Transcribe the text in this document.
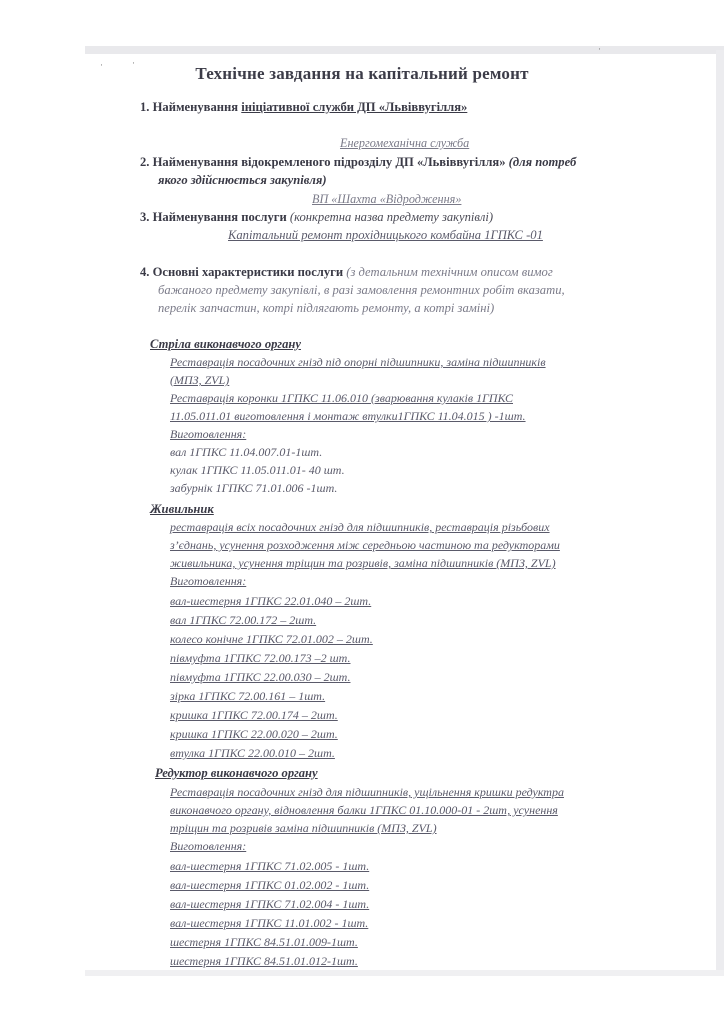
·	·
·
Технічне завдання на капітальний ремонт
1. Найменування ініціативної служби ДП «Львіввугілля»
Енергомеханічна служба
2. Найменування відокремленого підрозділу ДП «Львіввугілля» (для потреб
якого здійснюється закупівля)
ВП «Шахта «Відродження»
3. Найменування послуги (конкретна назва предмету закупівлі)
Капітальний ремонт прохідницького комбайна 1ГПКС -01
4. Основні характеристики послуги (з детальним технічним описом вимог
бажаного предмету закупівлі, в разі замовлення ремонтних робіт вказати,
перелік запчастин, котрі підлягають ремонту, а котрі заміні)
Стріла виконавчого органу
Реставрація посадочних гнізд під опорні підшипники, заміна підшипників
(МПЗ, ZVL)
Реставрація коронки 1ГПКС 11.06.010 (зварювання кулаків 1ГПКС
11.05.011.01 виготовлення і монтаж втулки1ГПКС 11.04.015 ) -1шт.
Виготовлення:
вал 1ГПКС 11.04.007.01-1шт.
кулак 1ГПКС 11.05.011.01- 40 шт.
забурнік 1ГПКС 71.01.006 -1шт.
Живильник
реставрація всіх посадочних гнізд для підшипників, реставрація різьбових
з’єднань, усунення розходження між середньою частиною та редукторами
живильника, усунення тріщин та розривів, заміна підшипників (МПЗ, ZVL)
Виготовлення:
вал-шестерня 1ГПКС 22.01.040 – 2шт.
вал 1ГПКС 72.00.172 – 2шт.
колесо конічне 1ГПКС 72.01.002 – 2шт.
півмуфта 1ГПКС 72.00.173 –2 шт.
півмуфта 1ГПКС 22.00.030 – 2шт.
зірка 1ГПКС 72.00.161 – 1шт.
кришка 1ГПКС 72.00.174 – 2шт.
кришка 1ГПКС 22.00.020 – 2шт.
втулка 1ГПКС 22.00.010 – 2шт.
Редуктор виконавчого органу
Реставрація посадочних гнізд для підшипників, ущільнення кришки редуктра
виконавчого органу, відновлення балки 1ГПКС 01.10.000-01 - 2шт, усунення
тріщин та розривів заміна підшипників (МПЗ, ZVL)
Виготовлення:
вал-шестерня 1ГПКС 71.02.005 - 1шт.
вал-шестерня 1ГПКС 01.02.002 - 1шт.
вал-шестерня 1ГПКС 71.02.004 - 1шт.
вал-шестерня 1ГПКС 11.01.002 - 1шт.
шестерня 1ГПКС 84.51.01.009-1шт.
шестерня 1ГПКС 84.51.01.012-1шт.
